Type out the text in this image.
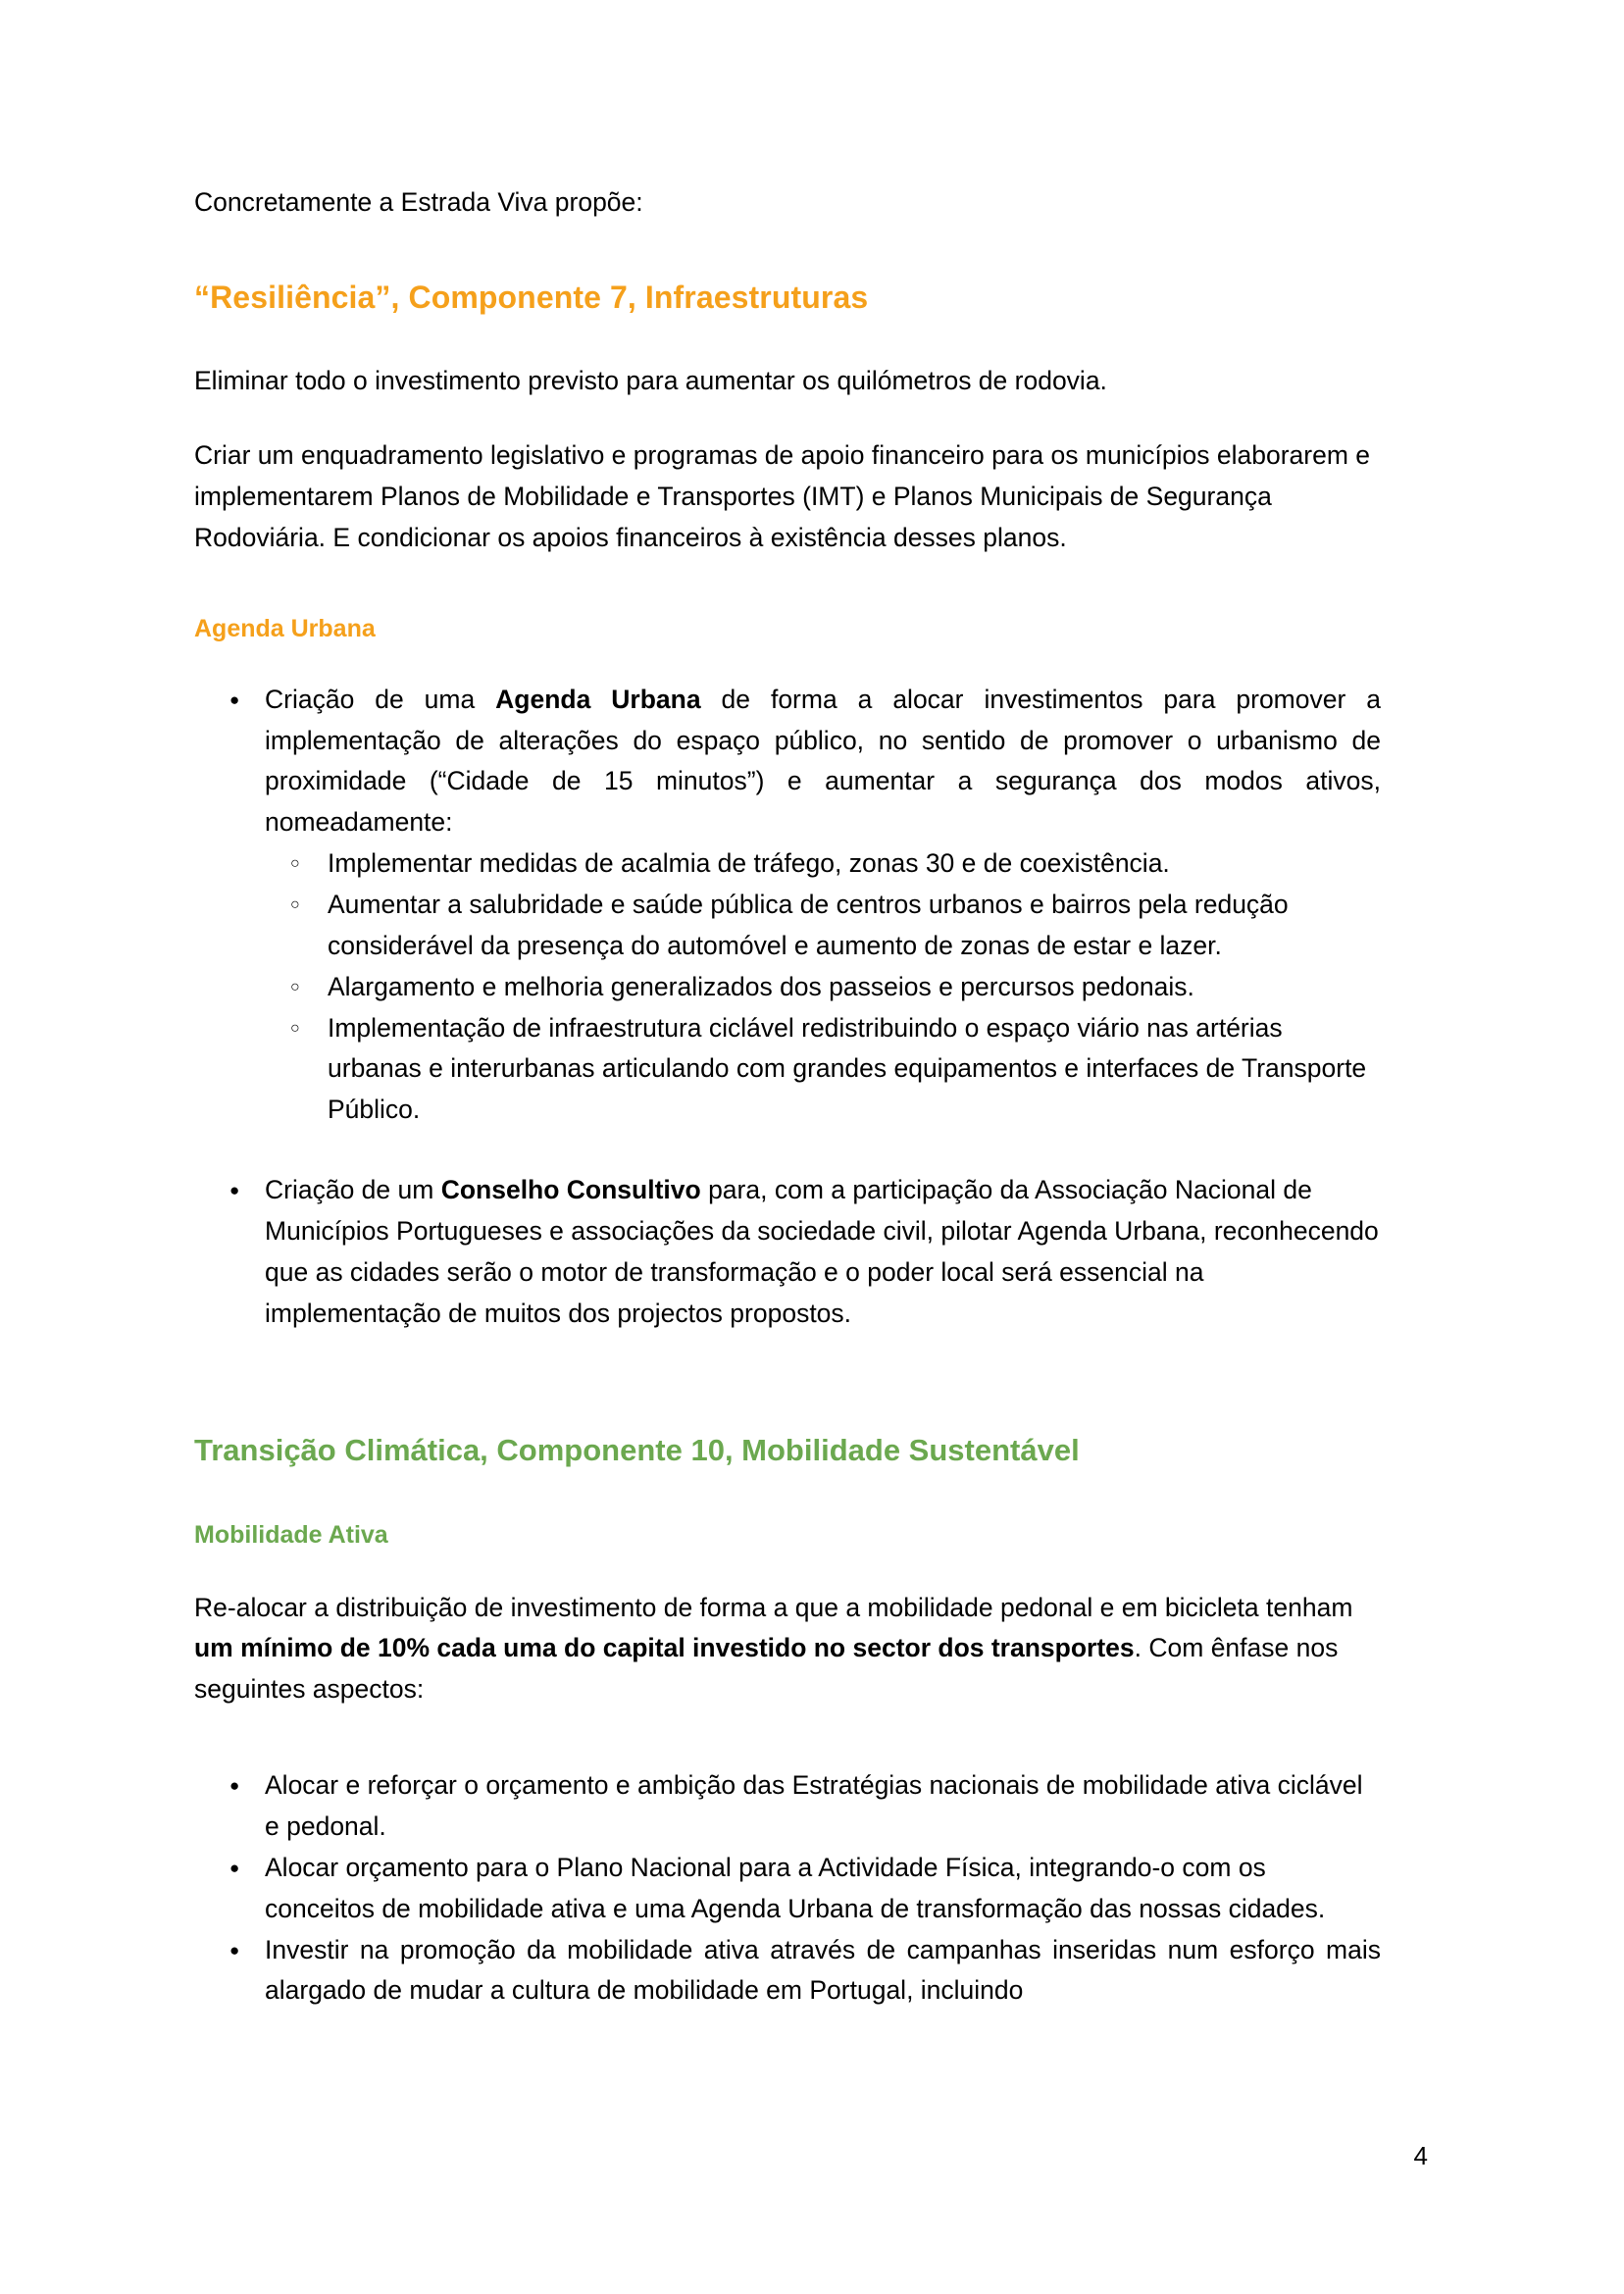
Concretamente a Estrada Viva propõe:

“Resiliência”, Componente 7, Infraestruturas

Eliminar todo o investimento previsto para aumentar os quilómetros de rodovia.

Criar um enquadramento legislativo e programas de apoio financeiro para os municípios elaborarem e implementarem Planos de Mobilidade e Transportes (IMT) e Planos Municipais de Segurança Rodoviária. E condicionar os apoios financeiros à existência desses planos.

Agenda Urbana
● Criação de uma Agenda Urbana de forma a alocar investimentos para promover a implementação de alterações do espaço público, no sentido de promover o urbanismo de proximidade (“Cidade de 15 minutos”) e aumentar a segurança dos modos ativos, nomeadamente:
○ Implementar medidas de acalmia de tráfego, zonas 30 e de coexistência.
○ Aumentar a salubridade e saúde pública de centros urbanos e bairros pela redução considerável da presença do automóvel e aumento de zonas de estar e lazer.
○ Alargamento e melhoria generalizados dos passeios e percursos pedonais.
○ Implementação de infraestrutura ciclável redistribuindo o espaço viário nas artérias urbanas e interurbanas articulando com grandes equipamentos e interfaces de Transporte Público.
● Criação de um Conselho Consultivo para, com a participação da Associação Nacional de Municípios Portugueses e associações da sociedade civil, pilotar Agenda Urbana, reconhecendo que as cidades serão o motor de transformação e o poder local será essencial na implementação de muitos dos projectos propostos.
Transição Climática, Componente 10, Mobilidade Sustentável
Mobilidade Ativa

Re-alocar a distribuição de investimento de forma a que a mobilidade pedonal e em bicicleta tenham um mínimo de 10% cada uma do capital investido no sector dos transportes. Com ênfase nos seguintes aspectos:

● Alocar e reforçar o orçamento e ambição das Estratégias nacionais de mobilidade ativa ciclável e pedonal.
● Alocar orçamento para o Plano Nacional para a Actividade Física, integrando-o com os conceitos de mobilidade ativa e uma Agenda Urbana de transformação das nossas cidades.
● Investir na promoção da mobilidade ativa através de campanhas inseridas num esforço mais alargado de mudar a cultura de mobilidade em Portugal, incluindo
4
